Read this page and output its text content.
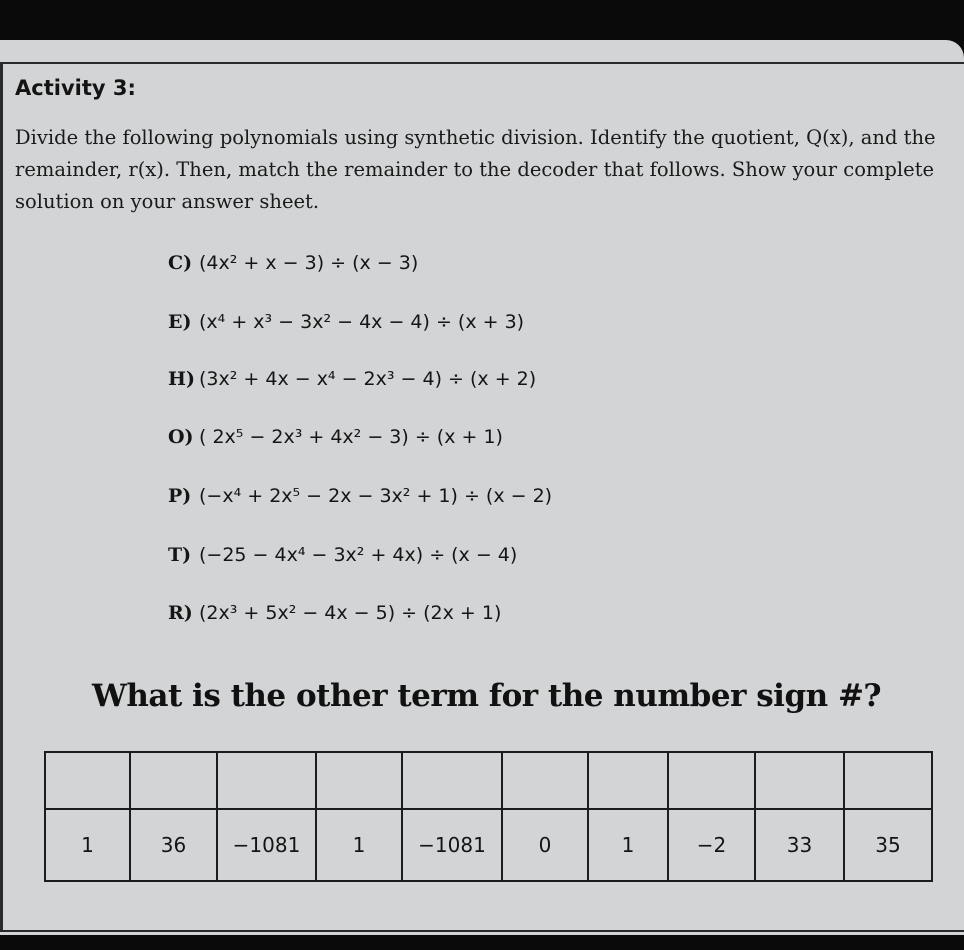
Activity 3:

Divide the following polynomials using synthetic division. Identify the quotient, Q(x), and the remainder, r(x). Then, match the remainder to the decoder that follows. Show your complete solution on your answer sheet.

C) (4x² + x − 3) ÷ (x − 3)
E) (x⁴ + x³ − 3x² − 4x − 4) ÷ (x + 3)
H) (3x² + 4x − x⁴ − 2x³ − 4) ÷ (x + 2)
O) ( 2x⁵ − 2x³ + 4x² − 3) ÷ (x + 1)
P) (−x⁴ + 2x⁵ − 2x − 3x² + 1) ÷ (x − 2)
T) (−25 − 4x⁴ − 3x² + 4x) ÷ (x − 4)
R) (2x³ + 5x² − 4x − 5) ÷ (2x + 1)

What is the other term for the number sign #?

1	36	−1081	1	−1081	0	1	−2	33	35
